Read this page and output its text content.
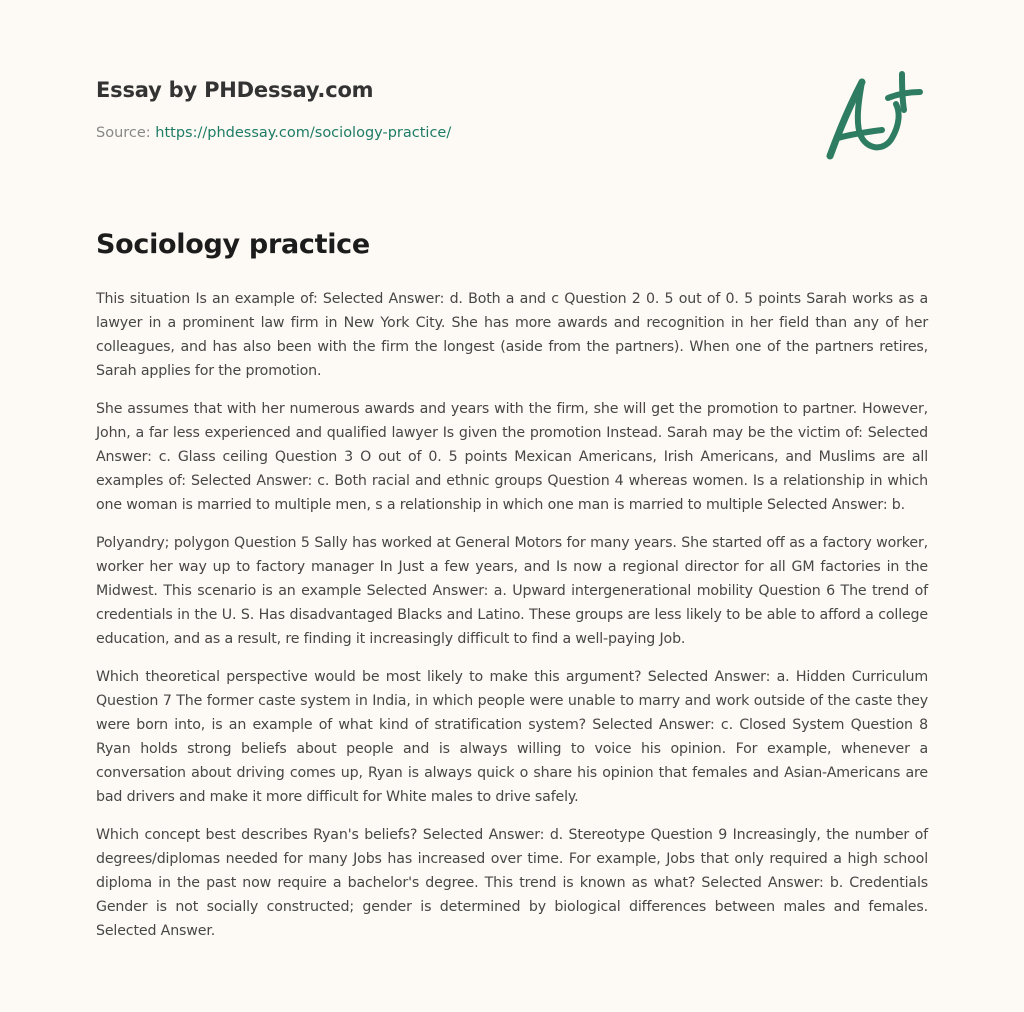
Essay by PHDessay.com
Source: https://phdessay.com/sociology-practice/
Sociology practice

This situation Is an example of: Selected Answer: d. Both a and c Question 2 0. 5 out of 0. 5 points Sarah works as a lawyer in a prominent law firm in New York City. She has more awards and recognition in her field than any of her colleagues, and has also been with the firm the longest (aside from the partners). When one of the partners retires, Sarah applies for the promotion.

She assumes that with her numerous awards and years with the firm, she will get the promotion to partner. However, John, a far less experienced and qualified lawyer Is given the promotion Instead. Sarah may be the victim of: Selected Answer: c. Glass ceiling Question 3 O out of 0. 5 points Mexican Americans, Irish Americans, and Muslims are all examples of: Selected Answer: c. Both racial and ethnic groups Question 4 whereas women. Is a relationship in which one woman is married to multiple men, s a relationship in which one man is married to multiple Selected Answer: b.

Polyandry; polygon Question 5 Sally has worked at General Motors for many years. She started off as a factory worker, worker her way up to factory manager In Just a few years, and Is now a regional director for all GM factories in the Midwest. This scenario is an example Selected Answer: a. Upward intergenerational mobility Question 6 The trend of credentials in the U. S. Has disadvantaged Blacks and Latino. These groups are less likely to be able to afford a college education, and as a result, re finding it increasingly difficult to find a well-paying Job.

Which theoretical perspective would be most likely to make this argument? Selected Answer: a. Hidden Curriculum Question 7 The former caste system in India, in which people were unable to marry and work outside of the caste they were born into, is an example of what kind of stratification system? Selected Answer: c. Closed System Question 8 Ryan holds strong beliefs about people and is always willing to voice his opinion. For example, whenever a conversation about driving comes up, Ryan is always quick o share his opinion that females and Asian-Americans are bad drivers and make it more difficult for White males to drive safely.

Which concept best describes Ryan's beliefs? Selected Answer: d. Stereotype Question 9 Increasingly, the number of degrees/diplomas needed for many Jobs has increased over time. For example, Jobs that only required a high school diploma in the past now require a bachelor's degree. This trend is known as what? Selected Answer: b. Credentials Gender is not socially constructed; gender is determined by biological differences between males and females. Selected Answer.
